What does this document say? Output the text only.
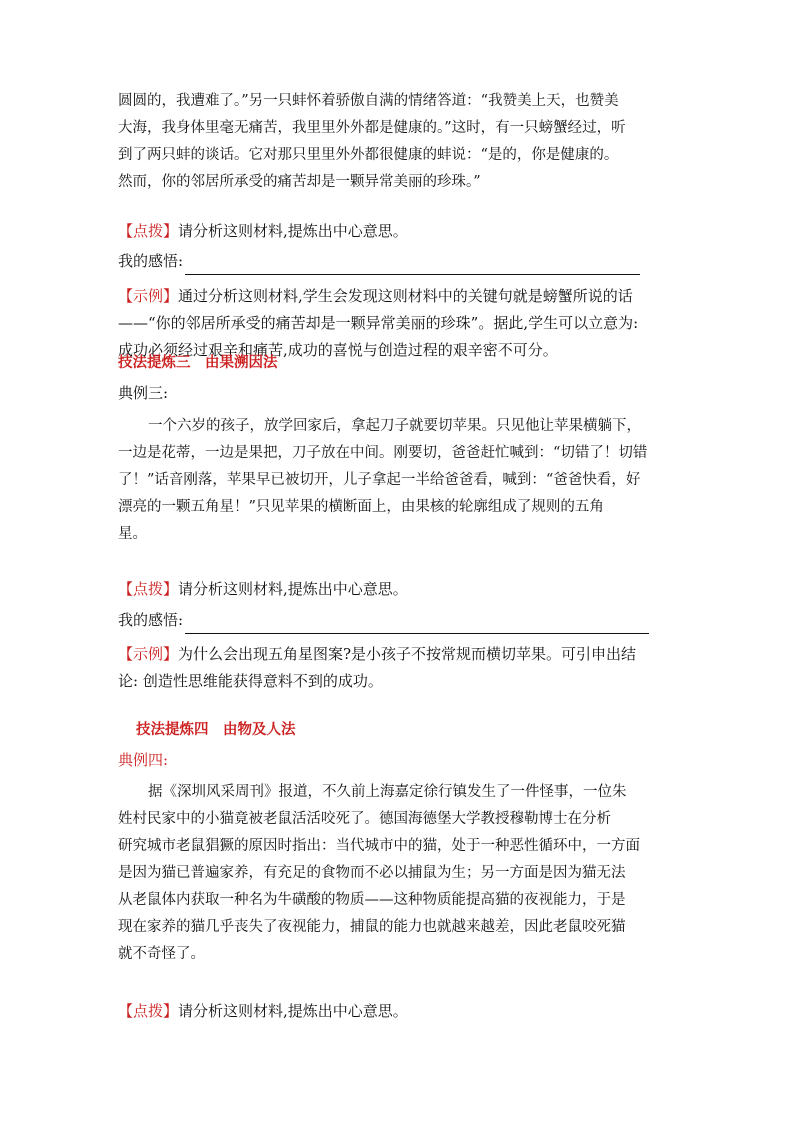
圆圆的，我遭难了。”另一只蚌怀着骄傲自满的情绪答道：“我赞美上天，也赞美
大海，我身体里毫无痛苦，我里里外外都是健康的。”这时，有一只螃蟹经过，听
到了两只蚌的谈话。它对那只里里外外都很健康的蚌说：“是的，你是健康的。
然而，你的邻居所承受的痛苦却是一颗异常美丽的珍珠。”
【点拨】请分析这则材料,提炼出中心意思。
我的感悟:
【示例】通过分析这则材料,学生会发现这则材料中的关键句就是螃蟹所说的话
——“你的邻居所承受的痛苦却是一颗异常美丽的珍珠”。据此,学生可以立意为:
成功必须经过艰辛和痛苦,成功的喜悦与创造过程的艰辛密不可分。
技法提炼三　由果溯因法
典例三:
一个六岁的孩子，放学回家后，拿起刀子就要切苹果。只见他让苹果横躺下，
一边是花蒂，一边是果把，刀子放在中间。刚要切，爸爸赶忙喊到：“切错了！切错
了！”话音刚落，苹果早已被切开，儿子拿起一半给爸爸看，喊到：“爸爸快看，好
漂亮的一颗五角星！”只见苹果的横断面上，由果核的轮廓组成了规则的五角
星。
【点拨】请分析这则材料,提炼出中心意思。
我的感悟:
【示例】为什么会出现五角星图案?是小孩子不按常规而横切苹果。可引申出结
论: 创造性思维能获得意料不到的成功。
技法提炼四　由物及人法
典例四:
据《深圳风采周刊》报道，不久前上海嘉定徐行镇发生了一件怪事，一位朱
姓村民家中的小猫竟被老鼠活活咬死了。德国海德堡大学教授穆勒博士在分析
研究城市老鼠猖獗的原因时指出：当代城市中的猫，处于一种恶性循环中，一方面
是因为猫已普遍家养，有充足的食物而不必以捕鼠为生；另一方面是因为猫无法
从老鼠体内获取一种名为牛磺酸的物质——这种物质能提高猫的夜视能力，于是
现在家养的猫几乎丧失了夜视能力，捕鼠的能力也就越来越差，因此老鼠咬死猫
就不奇怪了。
【点拨】请分析这则材料,提炼出中心意思。
